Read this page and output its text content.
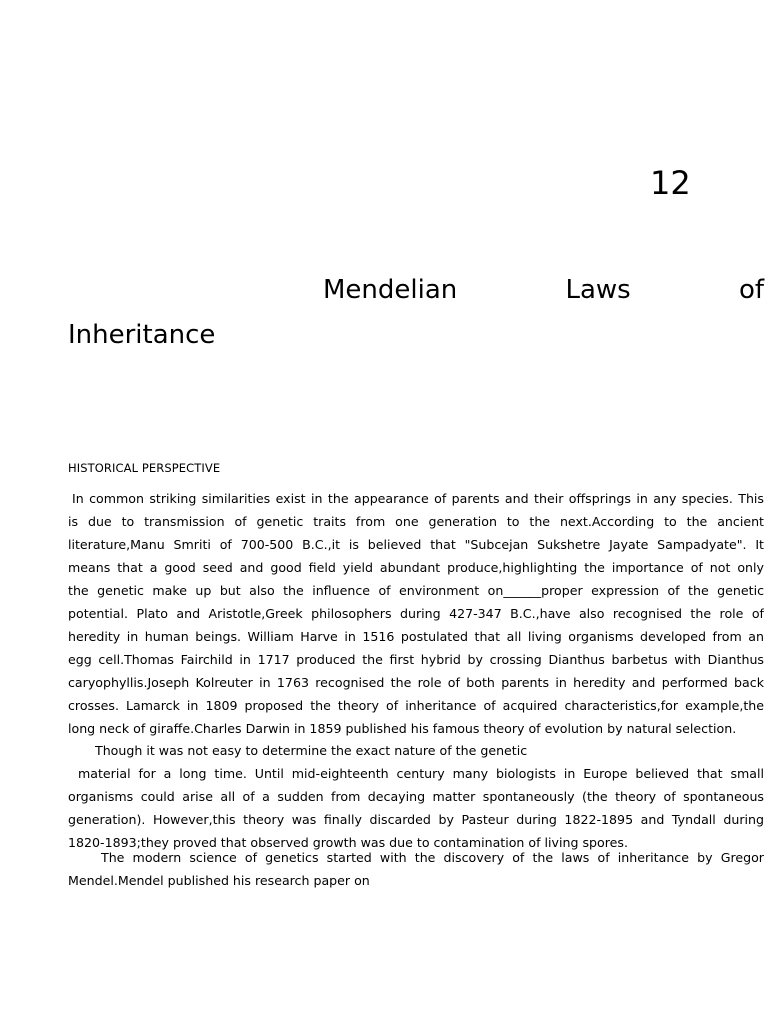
12
Mendelian	Laws	of
Inheritance
HISTORICAL PERSPECTIVE

In common striking similarities exist in the appearance of parents and their offsprings in any species. This
is due to transmission of genetic traits from one generation to the next.According to the ancient
literature,Manu Smriti of 700-500 B.C.,it is believed that "Subcejan Sukshetre Jayate Sampadyate". It
means that a good seed and good field yield abundant produce,highlighting the importance of not only
the genetic make up but also the influence of environment on______proper expression of the genetic
potential. Plato and Aristotle,Greek philosophers during 427-347 B.C.,have also recognised the role of
heredity in human beings. William Harve in 1516 postulated that all living organisms developed from an
egg cell.Thomas Fairchild in 1717 produced the first hybrid by crossing Dianthus barbetus with Dianthus
caryophyllis.Joseph Kolreuter in 1763 recognised the role of both parents in heredity and performed back
crosses. Lamarck in 1809 proposed the theory of inheritance of acquired characteristics,for example,the
long neck of giraffe.Charles Darwin in 1859 published his famous theory of evolution by natural selection.

Though it was not easy to determine the exact nature of the genetic
material for a long time. Until mid-eighteenth century many biologists in Europe believed that small
organisms could arise all of a sudden from decaying matter spontaneously (the theory of spontaneous
generation). However,this theory was finally discarded by Pasteur during 1822-1895 and Tyndall during
1820-1893;they proved that observed growth was due to contamination of living spores.

The modern science of genetics started with the discovery of the laws of inheritance by Gregor
Mendel.Mendel published his research paper on
